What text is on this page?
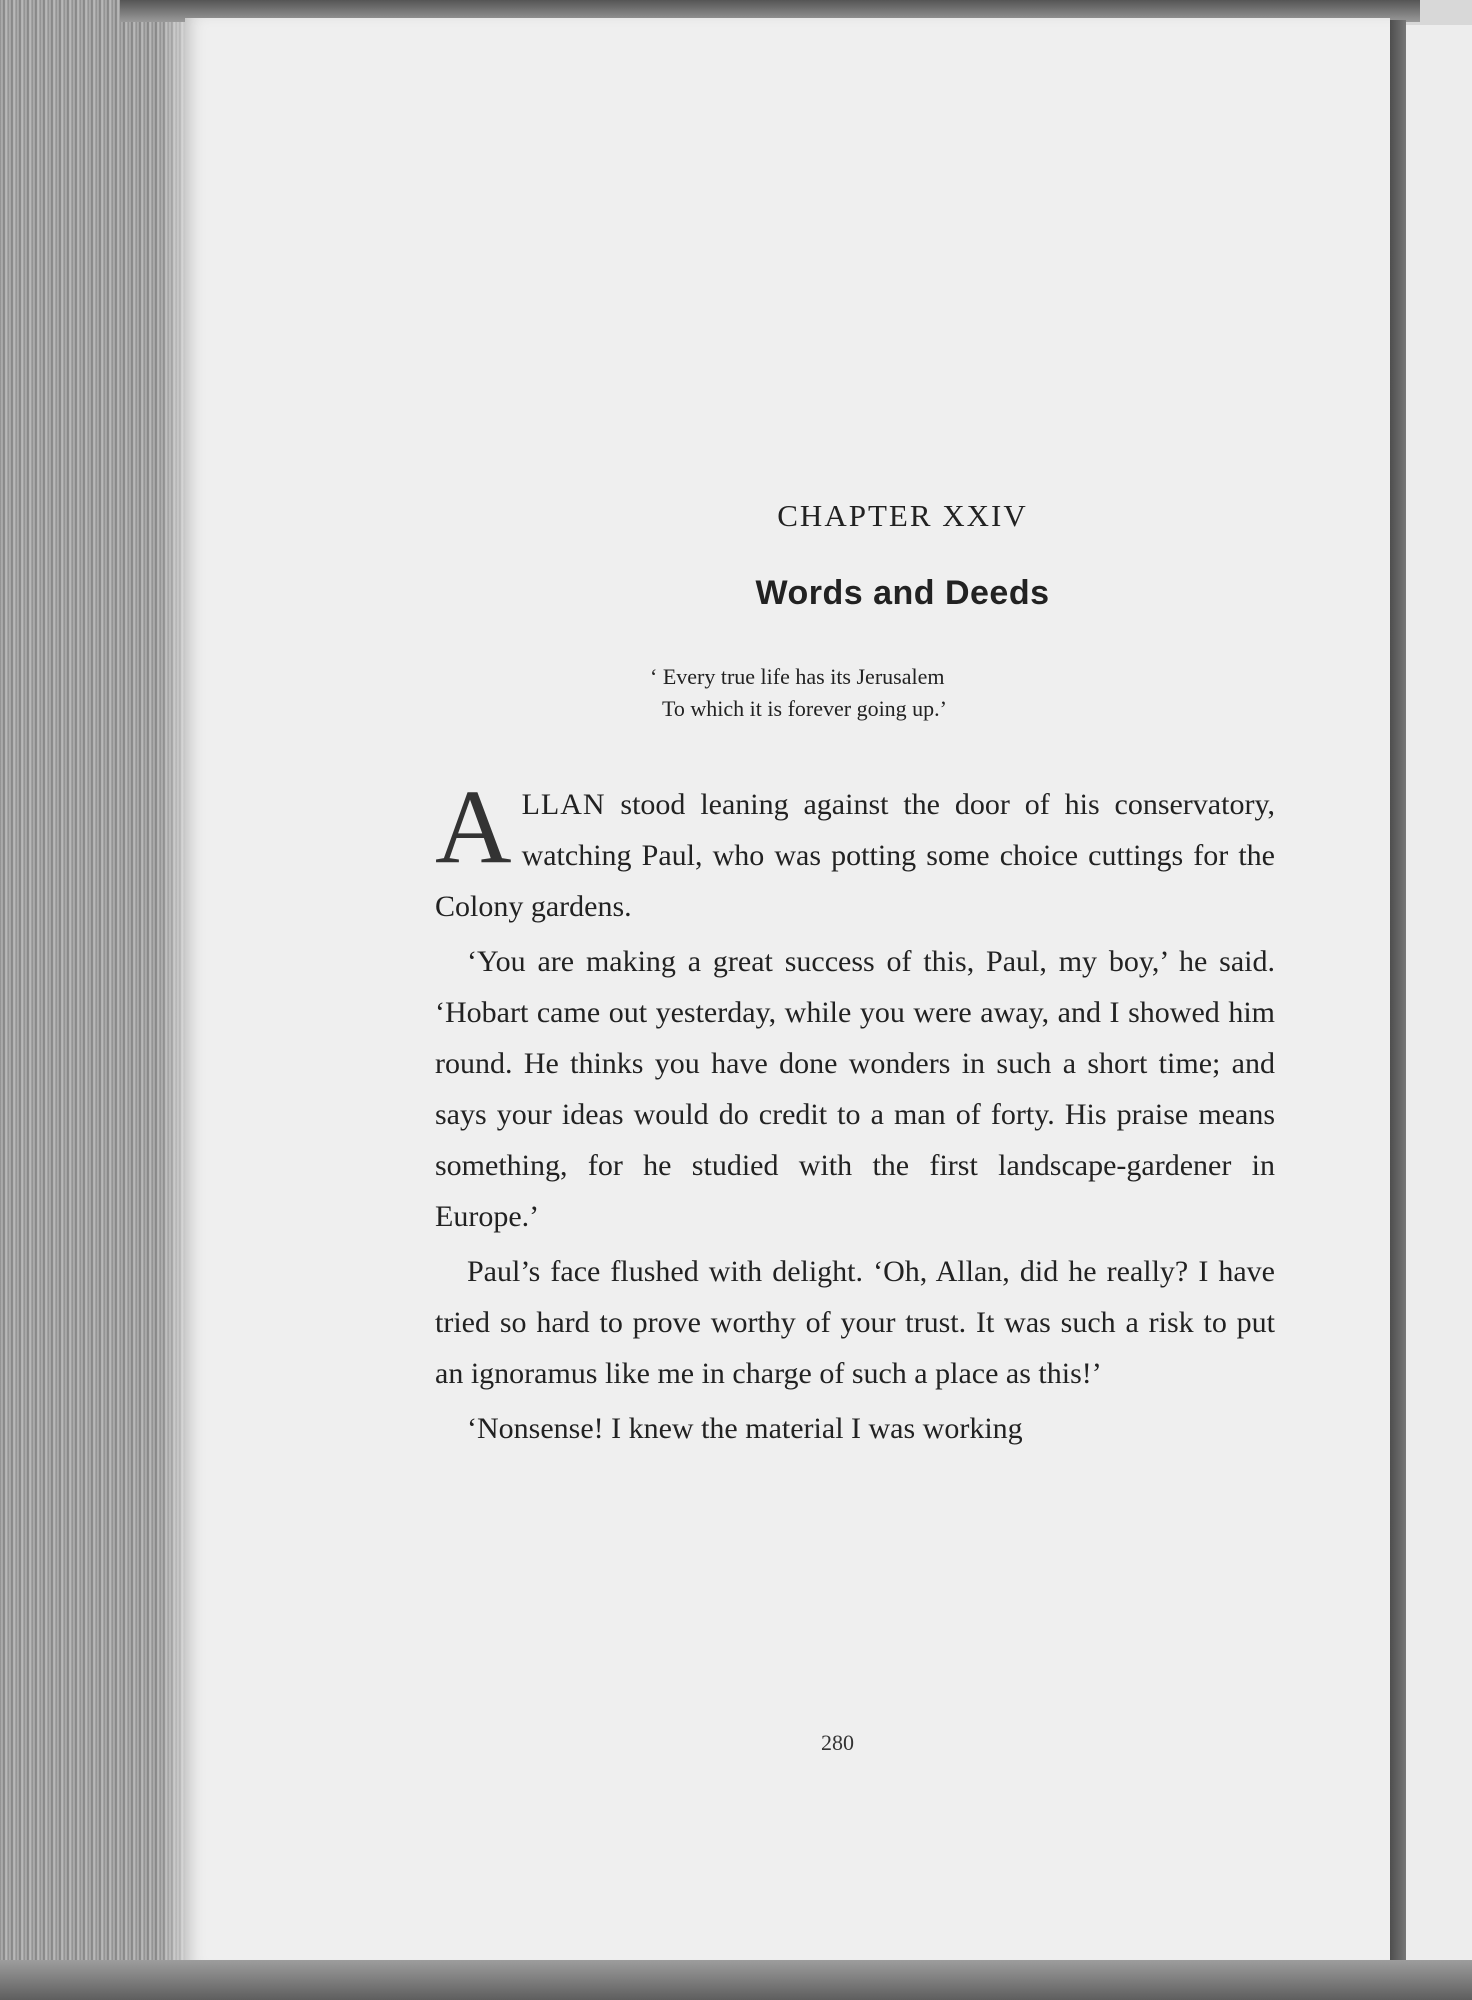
CHAPTER XXIV
Words and Deeds
‘ Every true life has its Jerusalem
To which it is forever going up.’

ALLAN stood leaning against the door of his conservatory, watching Paul, who was potting some choice cuttings for the Colony gardens.

‘You are making a great success of this, Paul, my boy,’ he said. ‘Hobart came out yesterday, while you were away, and I showed him round. He thinks you have done wonders in such a short time; and says your ideas would do credit to a man of forty. His praise means something, for he studied with the first landscape-gardener in Europe.’

Paul’s face flushed with delight. ‘Oh, Allan, did he really? I have tried so hard to prove worthy of your trust. It was such a risk to put an ignoramus like me in charge of such a place as this!’

‘Nonsense! I knew the material I was working

280
